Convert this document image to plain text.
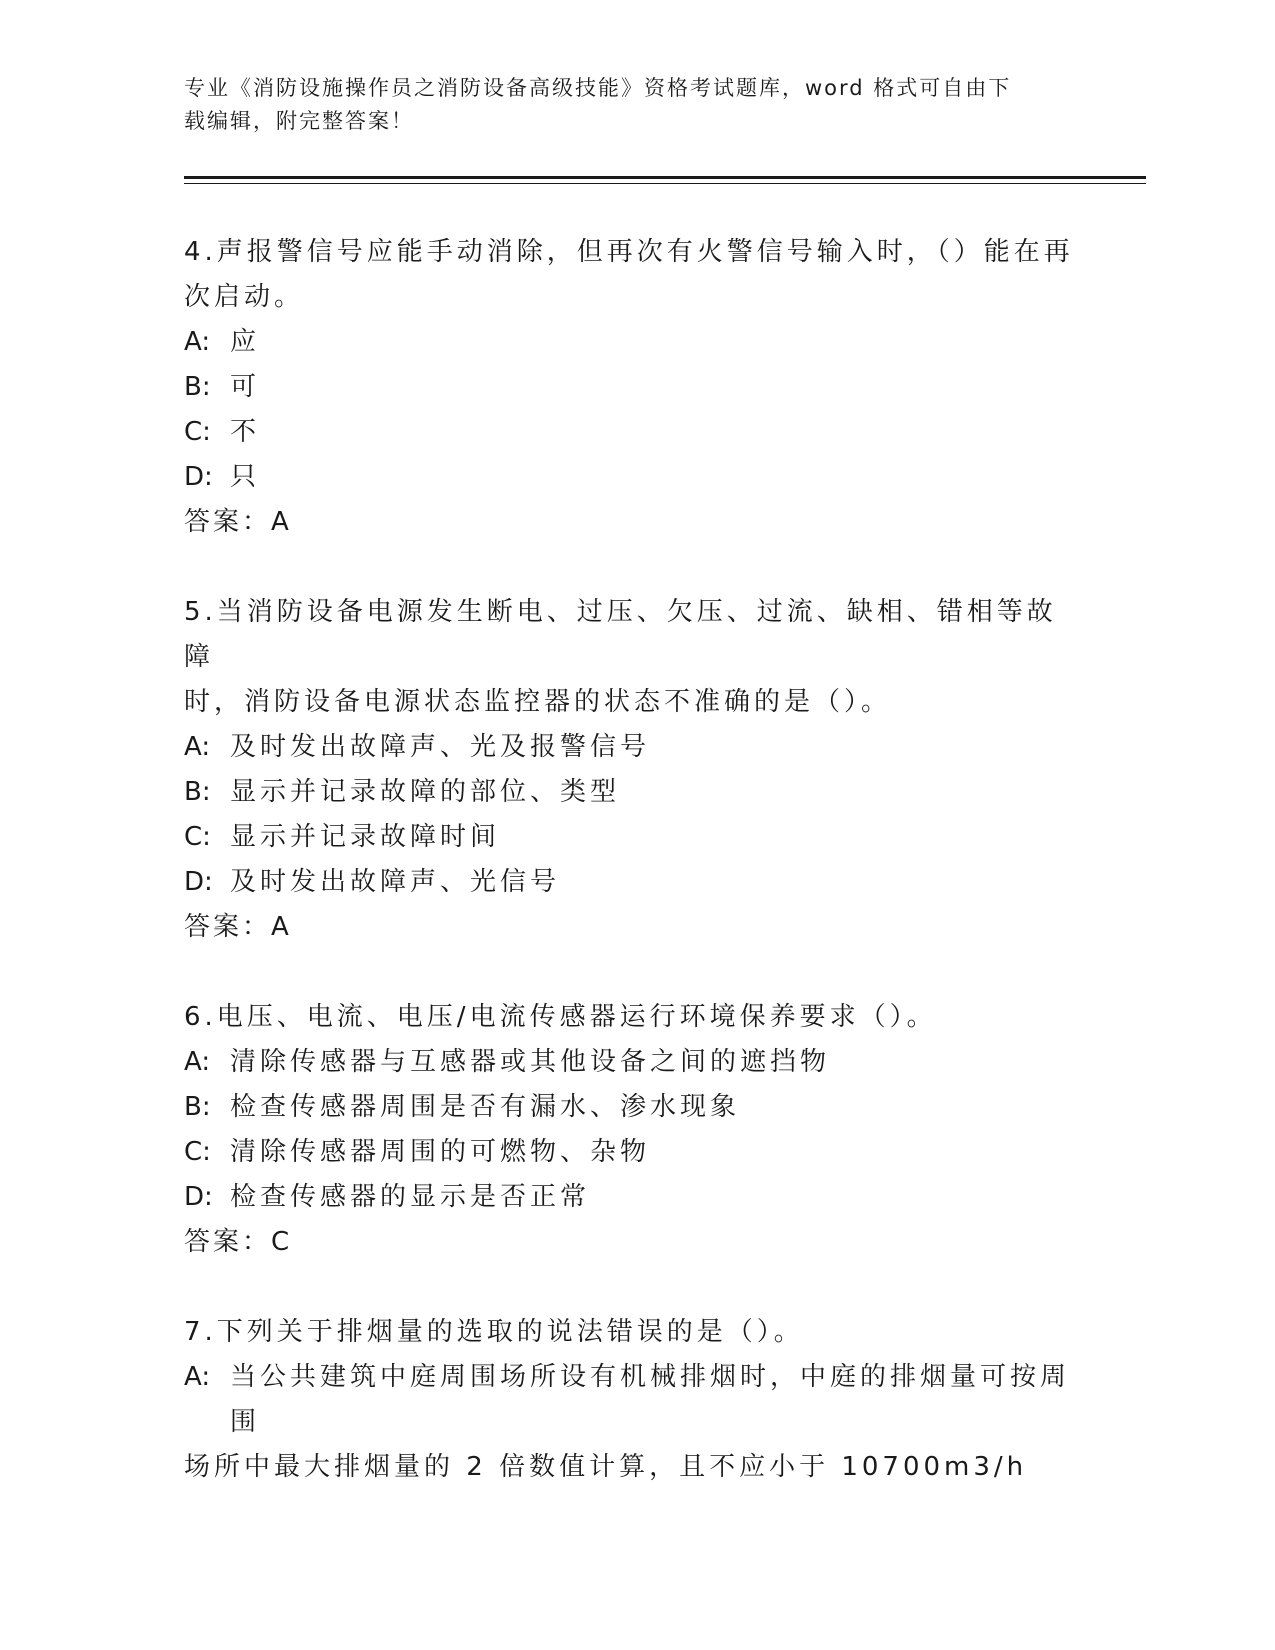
专业《消防设施操作员之消防设备高级技能》资格考试题库，word 格式可自由下
载编辑，附完整答案！

4.声报警信号应能手动消除，但再次有火警信号输入时，（）能在再

次启动。

A: 应
B: 可
C: 不
D: 只

答案：A

5.当消防设备电源发生断电、过压、欠压、过流、缺相、错相等故障

时，消防设备电源状态监控器的状态不准确的是（）。

A: 及时发出故障声、光及报警信号
B: 显示并记录故障的部位、类型
C: 显示并记录故障时间
D: 及时发出故障声、光信号

答案：A

6.电压、电流、电压/电流传感器运行环境保养要求（）。

A: 清除传感器与互感器或其他设备之间的遮挡物
B: 检查传感器周围是否有漏水、渗水现象
C: 清除传感器周围的可燃物、杂物
D: 检查传感器的显示是否正常

答案：C

7.下列关于排烟量的选取的说法错误的是（）。

A: 当公共建筑中庭周围场所设有机械排烟时，中庭的排烟量可按周围

场所中最大排烟量的 2 倍数值计算，且不应小于 10700m3/h
